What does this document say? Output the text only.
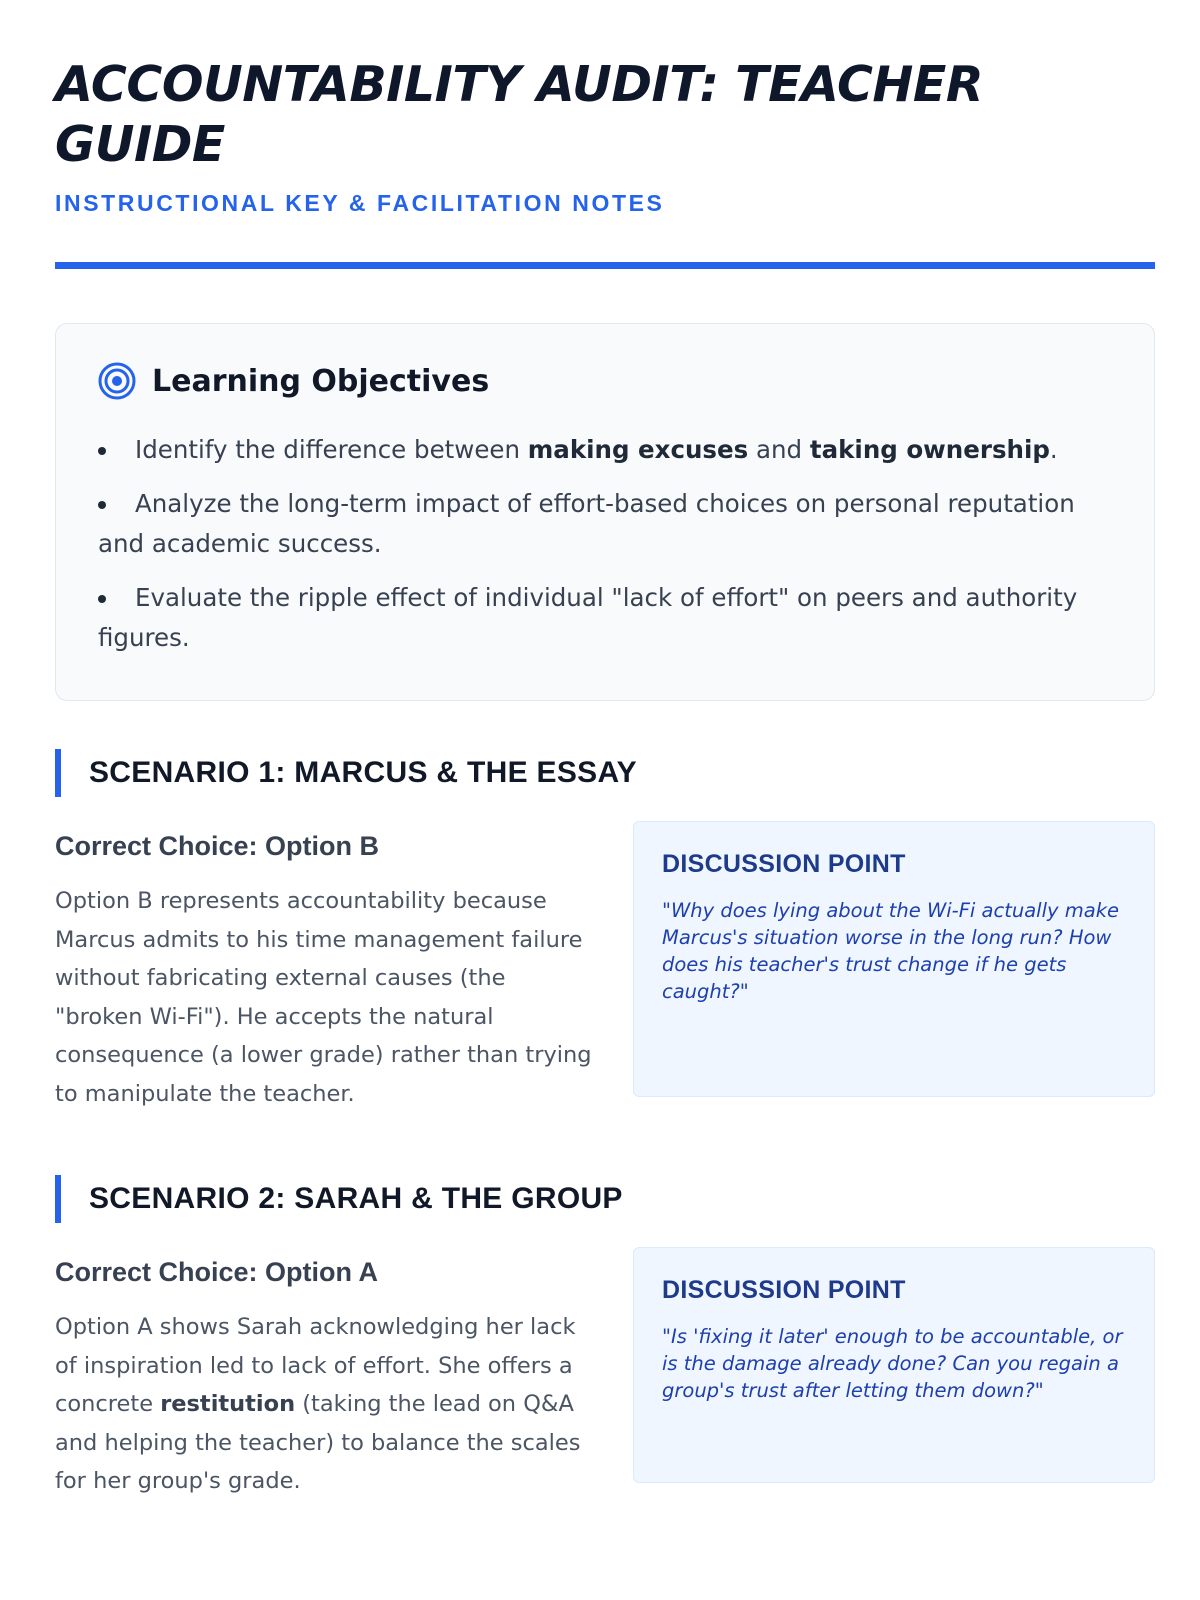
ACCOUNTABILITY AUDIT: TEACHER GUIDE
INSTRUCTIONAL KEY & FACILITATION NOTES
Learning Objectives
Identify the difference between making excuses and taking ownership.
Analyze the long-term impact of effort-based choices on personal reputation and academic success.
Evaluate the ripple effect of individual "lack of effort" on peers and authority figures.
SCENARIO 1: MARCUS & THE ESSAY
Correct Choice: Option B

Option B represents accountability because Marcus admits to his time management failure without fabricating external causes (the "broken Wi-Fi"). He accepts the natural consequence (a lower grade) rather than trying to manipulate the teacher.

DISCUSSION POINT

"Why does lying about the Wi-Fi actually make Marcus's situation worse in the long run? How does his teacher's trust change if he gets caught?"

SCENARIO 2: SARAH & THE GROUP
Correct Choice: Option A

Option A shows Sarah acknowledging her lack of inspiration led to lack of effort. She offers a concrete restitution (taking the lead on Q&A and helping the teacher) to balance the scales for her group's grade.

DISCUSSION POINT

"Is 'fixing it later' enough to be accountable, or is the damage already done? Can you regain a group's trust after letting them down?"
